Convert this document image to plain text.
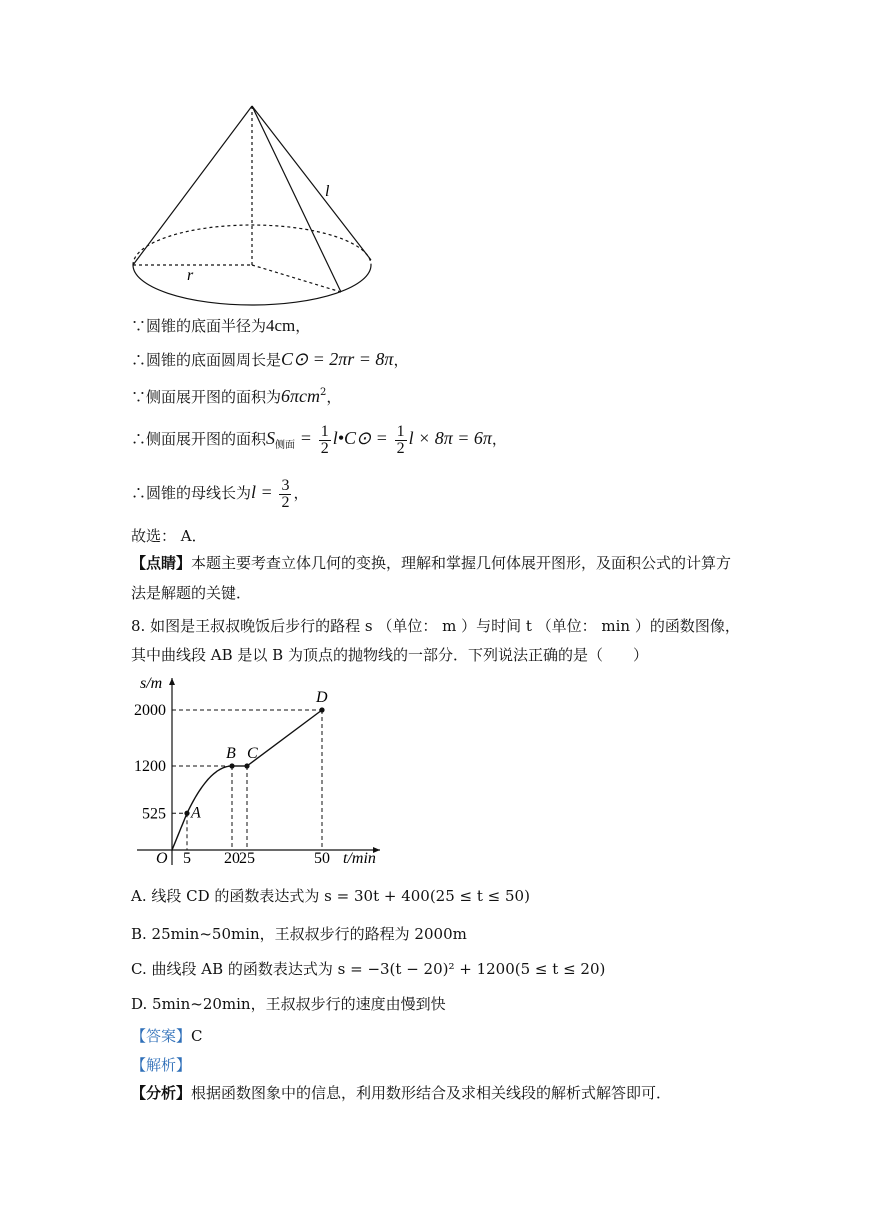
l
r
∵圆锥的底面半径为4cm，
∴圆锥的底面圆周长是C⊙ = 2πr = 8π，
∵侧面展开图的面积为6πcm$^2$，
∴侧面展开图的面积$S_{侧面} = \frac{1}{2}$ l•C⊙ = $\frac{1}{2}$ l × 8π = 6π，
∴圆锥的母线长为$l = \frac{3}{2}$ ，
故选： A．
【点睛】本题主要考查立体几何的变换，理解和掌握几何体展开图形，及面积公式的计算方
法是解题的关键．
8. 如图是王叔叔晚饭后步行的路程 s （单位： m ）与时间 t （单位： min ）的函数图像，
其中曲线段 AB 是以 B 为顶点的抛物线的一部分．下列说法正确的是（　　）
s/m
t/min
O 5 20 25	50
525
1200
2000
A
B C
D
A. 线段 CD 的函数表达式为 s = 30t + 400(25 ≤ t ≤ 50)
B. 25min~50min，王叔叔步行的路程为 2000m
C. 曲线段 AB 的函数表达式为 s = −3(t − 20)² + 1200(5 ≤ t ≤ 20)
D. 5min~20min，王叔叔步行的速度由慢到快
【答案】C
【解析】
【分析】根据函数图象中的信息，利用数形结合及求相关线段的解析式解答即可．
